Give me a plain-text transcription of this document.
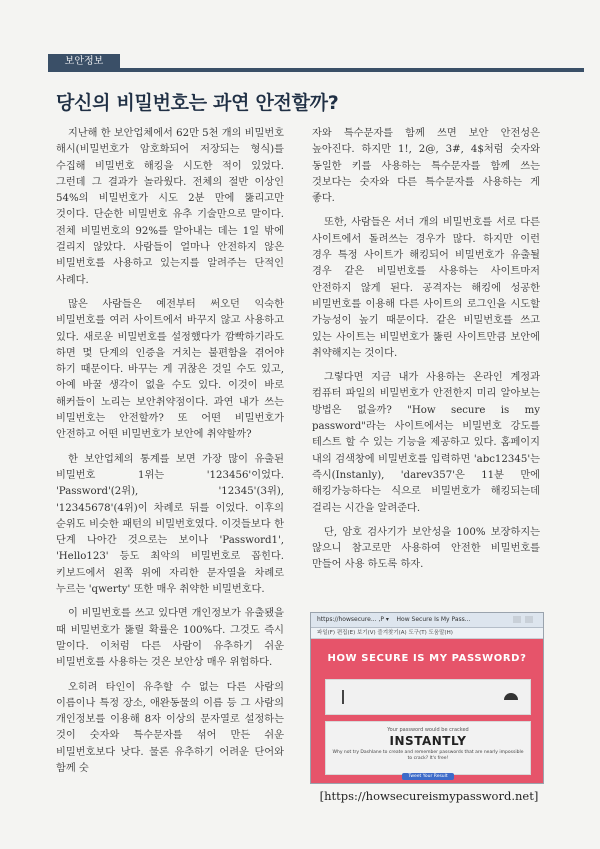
보안정보
당신의 비밀번호는 과연 안전할까?

지난해 한 보안업체에서 62만 5천 개의 비밀번호 해시(비밀번호가 암호화되어 저장되는 형식)를 수집해 비밀번호 해킹을 시도한 적이 있었다. 그런데 그 결과가 놀라웠다. 전체의 절반 이상인 54%의 비밀번호가 시도 2분 만에 뚫리고만 것이다. 단순한 비밀번호 유추 기술만으로 말이다. 전체 비밀번호의 92%를 알아내는 데는 1일 밖에 걸리지 않았다. 사람들이 얼마나 안전하지 않은 비밀번호를 사용하고 있는지를 알려주는 단적인 사례다.

많은 사람들은 예전부터 써오던 익숙한 비밀번호를 여러 사이트에서 바꾸지 않고 사용하고 있다. 새로운 비밀번호를 설정했다가 깜빡하기라도 하면 몇 단계의 인증을 거치는 불편함을 겪어야 하기 때문이다. 바꾸는 게 귀찮은 것일 수도 있고, 아예 바꿀 생각이 없을 수도 있다. 이것이 바로 해커들이 노리는 보안취약점이다. 과연 내가 쓰는 비밀번호는 안전할까? 또 어떤 비밀번호가 안전하고 어떤 비밀번호가 보안에 취약할까?

한 보안업체의 통계를 보면 가장 많이 유출된 비밀번호 1위는 '123456'이었다. 'Password'(2위), '12345'(3위), '12345678'(4위)이 차례로 뒤를 이었다. 이후의 순위도 비슷한 패턴의 비밀번호였다. 이것들보다 한 단계 나아간 것으로는 보이나 'Password1', 'Hello123' 등도 최악의 비밀번호로 꼽힌다. 키보드에서 왼쪽 위에 자리한 문자열을 차례로 누르는 'qwerty' 또한 매우 취약한 비밀번호다.

이 비밀번호를 쓰고 있다면 개인정보가 유출됐을 때 비밀번호가 뚫릴 확률은 100%다. 그것도 즉시 말이다. 이처럼 다른 사람이 유추하기 쉬운 비밀번호를 사용하는 것은 보안상 매우 위험하다.

오히려 타인이 유추할 수 없는 다른 사람의 이름이나 특정 장소, 애완동물의 이름 등 그 사람의 개인정보를 이용해 8자 이상의 문자열로 설정하는 것이 숫자와 특수문자를 섞어 만든 쉬운 비밀번호보다 낫다. 물론 유추하기 어려운 단어와 함께 숫

자와 특수문자를 함께 쓰면 보안 안전성은 높아진다. 하지만 1!, 2@, 3#, 4$처럼 숫자와 동일한 키를 사용하는 특수문자를 함께 쓰는 것보다는 숫자와 다른 특수문자를 사용하는 게 좋다.

또한, 사람들은 서너 개의 비밀번호를 서로 다른 사이트에서 돌려쓰는 경우가 많다. 하지만 이런 경우 특정 사이트가 해킹되어 비밀번호가 유출될 경우 같은 비밀번호를 사용하는 사이트마저 안전하지 않게 된다. 공격자는 해킹에 성공한 비밀번호를 이용해 다른 사이트의 로그인을 시도할 가능성이 높기 때문이다. 같은 비밀번호를 쓰고 있는 사이트는 비밀번호가 뚫린 사이트만큼 보안에 취약해지는 것이다.

그렇다면 지금 내가 사용하는 온라인 계정과 컴퓨터 파일의 비밀번호가 안전한지 미리 알아보는 방법은 없을까? "How secure is my password"라는 사이트에서는 비밀번호 강도를 테스트 할 수 있는 기능을 제공하고 있다. 홈페이지 내의 검색창에 비밀번호를 입력하면 'abc12345'는 즉시(Instanly), 'darev357'은 11분 만에 해킹가능하다는 식으로 비밀번호가 해킹되는데 걸리는 시간을 알려준다.

단, 암호 검사기가 보안성을 100% 보장하지는 않으니 참고로만 사용하여 안전한 비밀번호를 만들어 사용 하도록 하자.

https://howsecure... ,P ▾ How Secure Is My Pass...
파일(F) 편집(E) 보기(V) 즐겨찾기(A) 도구(T) 도움말(H)
HOW SECURE IS MY PASSWORD?
Your password would be cracked
INSTANTLY
Why not try Dashlane to create and remember passwords that are nearly impossible to crack? It's free!
Tweet Your Result
[https://howsecureismypassword.net]
